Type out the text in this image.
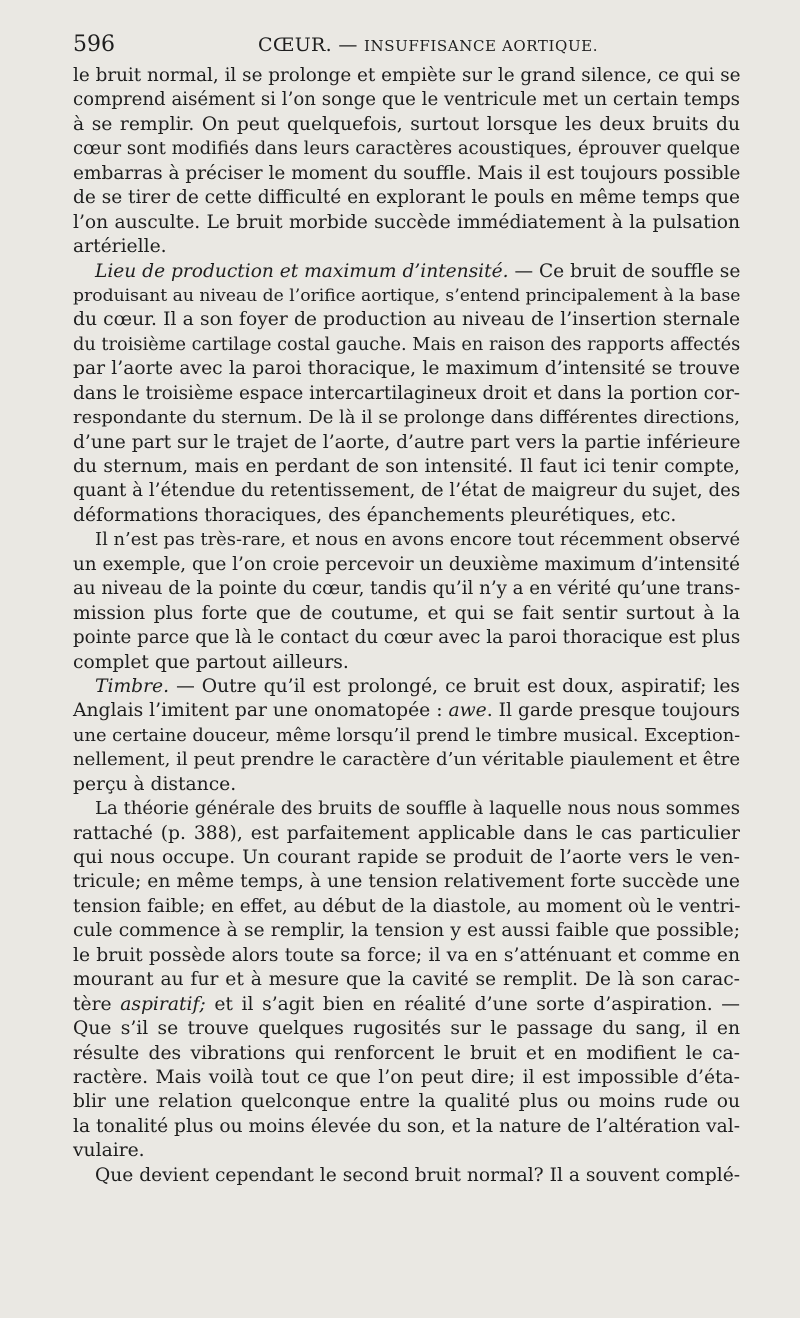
596	CŒUR. — INSUFFISANCE AORTIQUE.
le bruit normal, il se prolonge et empiète sur le grand silence, ce qui se
comprend aisément si l’on songe que le ventricule met un certain temps
à se remplir. On peut quelquefois, surtout lorsque les deux bruits du
cœur sont modifiés dans leurs caractères acoustiques, éprouver quelque
embarras à préciser le moment du souffle. Mais il est toujours possible
de se tirer de cette difficulté en explorant le pouls en même temps que
l’on ausculte. Le bruit morbide succède immédiatement à la pulsation
artérielle.
Lieu de production et maximum d’intensité. — Ce bruit de souffle se
produisant au niveau de l’orifice aortique, s’entend principalement à la base
du cœur. Il a son foyer de production au niveau de l’insertion sternale
du troisième cartilage costal gauche. Mais en raison des rapports affectés
par l’aorte avec la paroi thoracique, le maximum d’intensité se trouve
dans le troisième espace intercartilagineux droit et dans la portion cor-
respondante du sternum. De là il se prolonge dans différentes directions,
d’une part sur le trajet de l’aorte, d’autre part vers la partie inférieure
du sternum, mais en perdant de son intensité. Il faut ici tenir compte,
quant à l’étendue du retentissement, de l’état de maigreur du sujet, des
déformations thoraciques, des épanchements pleurétiques, etc.
Il n’est pas très-rare, et nous en avons encore tout récemment observé
un exemple, que l’on croie percevoir un deuxième maximum d’intensité
au niveau de la pointe du cœur, tandis qu’il n’y a en vérité qu’une trans-
mission plus forte que de coutume, et qui se fait sentir surtout à la
pointe parce que là le contact du cœur avec la paroi thoracique est plus
complet que partout ailleurs.
Timbre. — Outre qu’il est prolongé, ce bruit est doux, aspiratif; les
Anglais l’imitent par une onomatopée : awe. Il garde presque toujours
une certaine douceur, même lorsqu’il prend le timbre musical. Exception-
nellement, il peut prendre le caractère d’un véritable piaulement et être
perçu à distance.
La théorie générale des bruits de souffle à laquelle nous nous sommes
rattaché (p. 388), est parfaitement applicable dans le cas particulier
qui nous occupe. Un courant rapide se produit de l’aorte vers le ven-
tricule; en même temps, à une tension relativement forte succède une
tension faible; en effet, au début de la diastole, au moment où le ventri-
cule commence à se remplir, la tension y est aussi faible que possible;
le bruit possède alors toute sa force; il va en s’atténuant et comme en
mourant au fur et à mesure que la cavité se remplit. De là son carac-
tère aspiratif; et il s’agit bien en réalité d’une sorte d’aspiration. —
Que s’il se trouve quelques rugosités sur le passage du sang, il en
résulte des vibrations qui renforcent le bruit et en modifient le ca-
ractère. Mais voilà tout ce que l’on peut dire; il est impossible d’éta-
blir une relation quelconque entre la qualité plus ou moins rude ou
la tonalité plus ou moins élevée du son, et la nature de l’altération val-
vulaire.
Que devient cependant le second bruit normal? Il a souvent complé-
